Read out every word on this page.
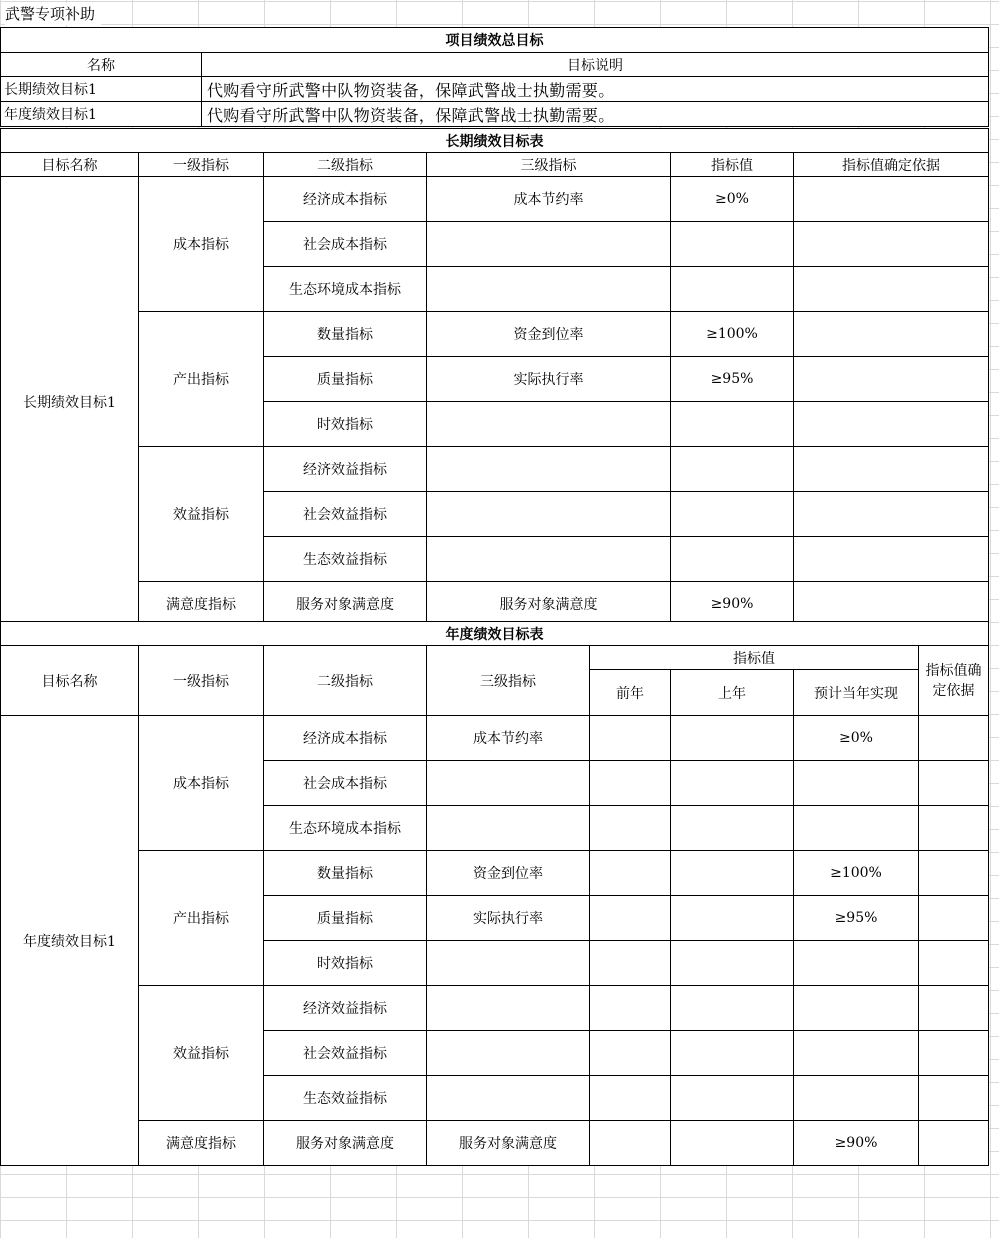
武警专项补助
项目绩效总目标	
名称	目标说明
长期绩效目标1	代购看守所武警中队物资装备，保障武警战士执勤需要。
年度绩效目标1	代购看守所武警中队物资装备，保障武警战士执勤需要。
长期绩效目标表					
目标名称	一级指标	二级指标	三级指标	指标值	指标值确定依据
长期绩效目标1	成本指标	经济成本指标	成本节约率	≥0%	
		社会成本指标			
		生态环境成本指标			
	产出指标	数量指标	资金到位率	≥100%	
		质量指标	实际执行率	≥95%	
		时效指标			
	效益指标	经济效益指标			
		社会效益指标			
		生态效益指标			
	满意度指标	服务对象满意度	服务对象满意度	≥90%	
年度绩效目标表							
目标名称	一级指标	二级指标	三级指标	指标值			指标值确定依据
				前年	上年	预计当年实现	
年度绩效目标1	成本指标	经济成本指标	成本节约率			≥0%	
		社会成本指标					
		生态环境成本指标					
	产出指标	数量指标	资金到位率			≥100%	
		质量指标	实际执行率			≥95%	
		时效指标					
	效益指标	经济效益指标					
		社会效益指标					
		生态效益指标					
	满意度指标	服务对象满意度	服务对象满意度			≥90%	
